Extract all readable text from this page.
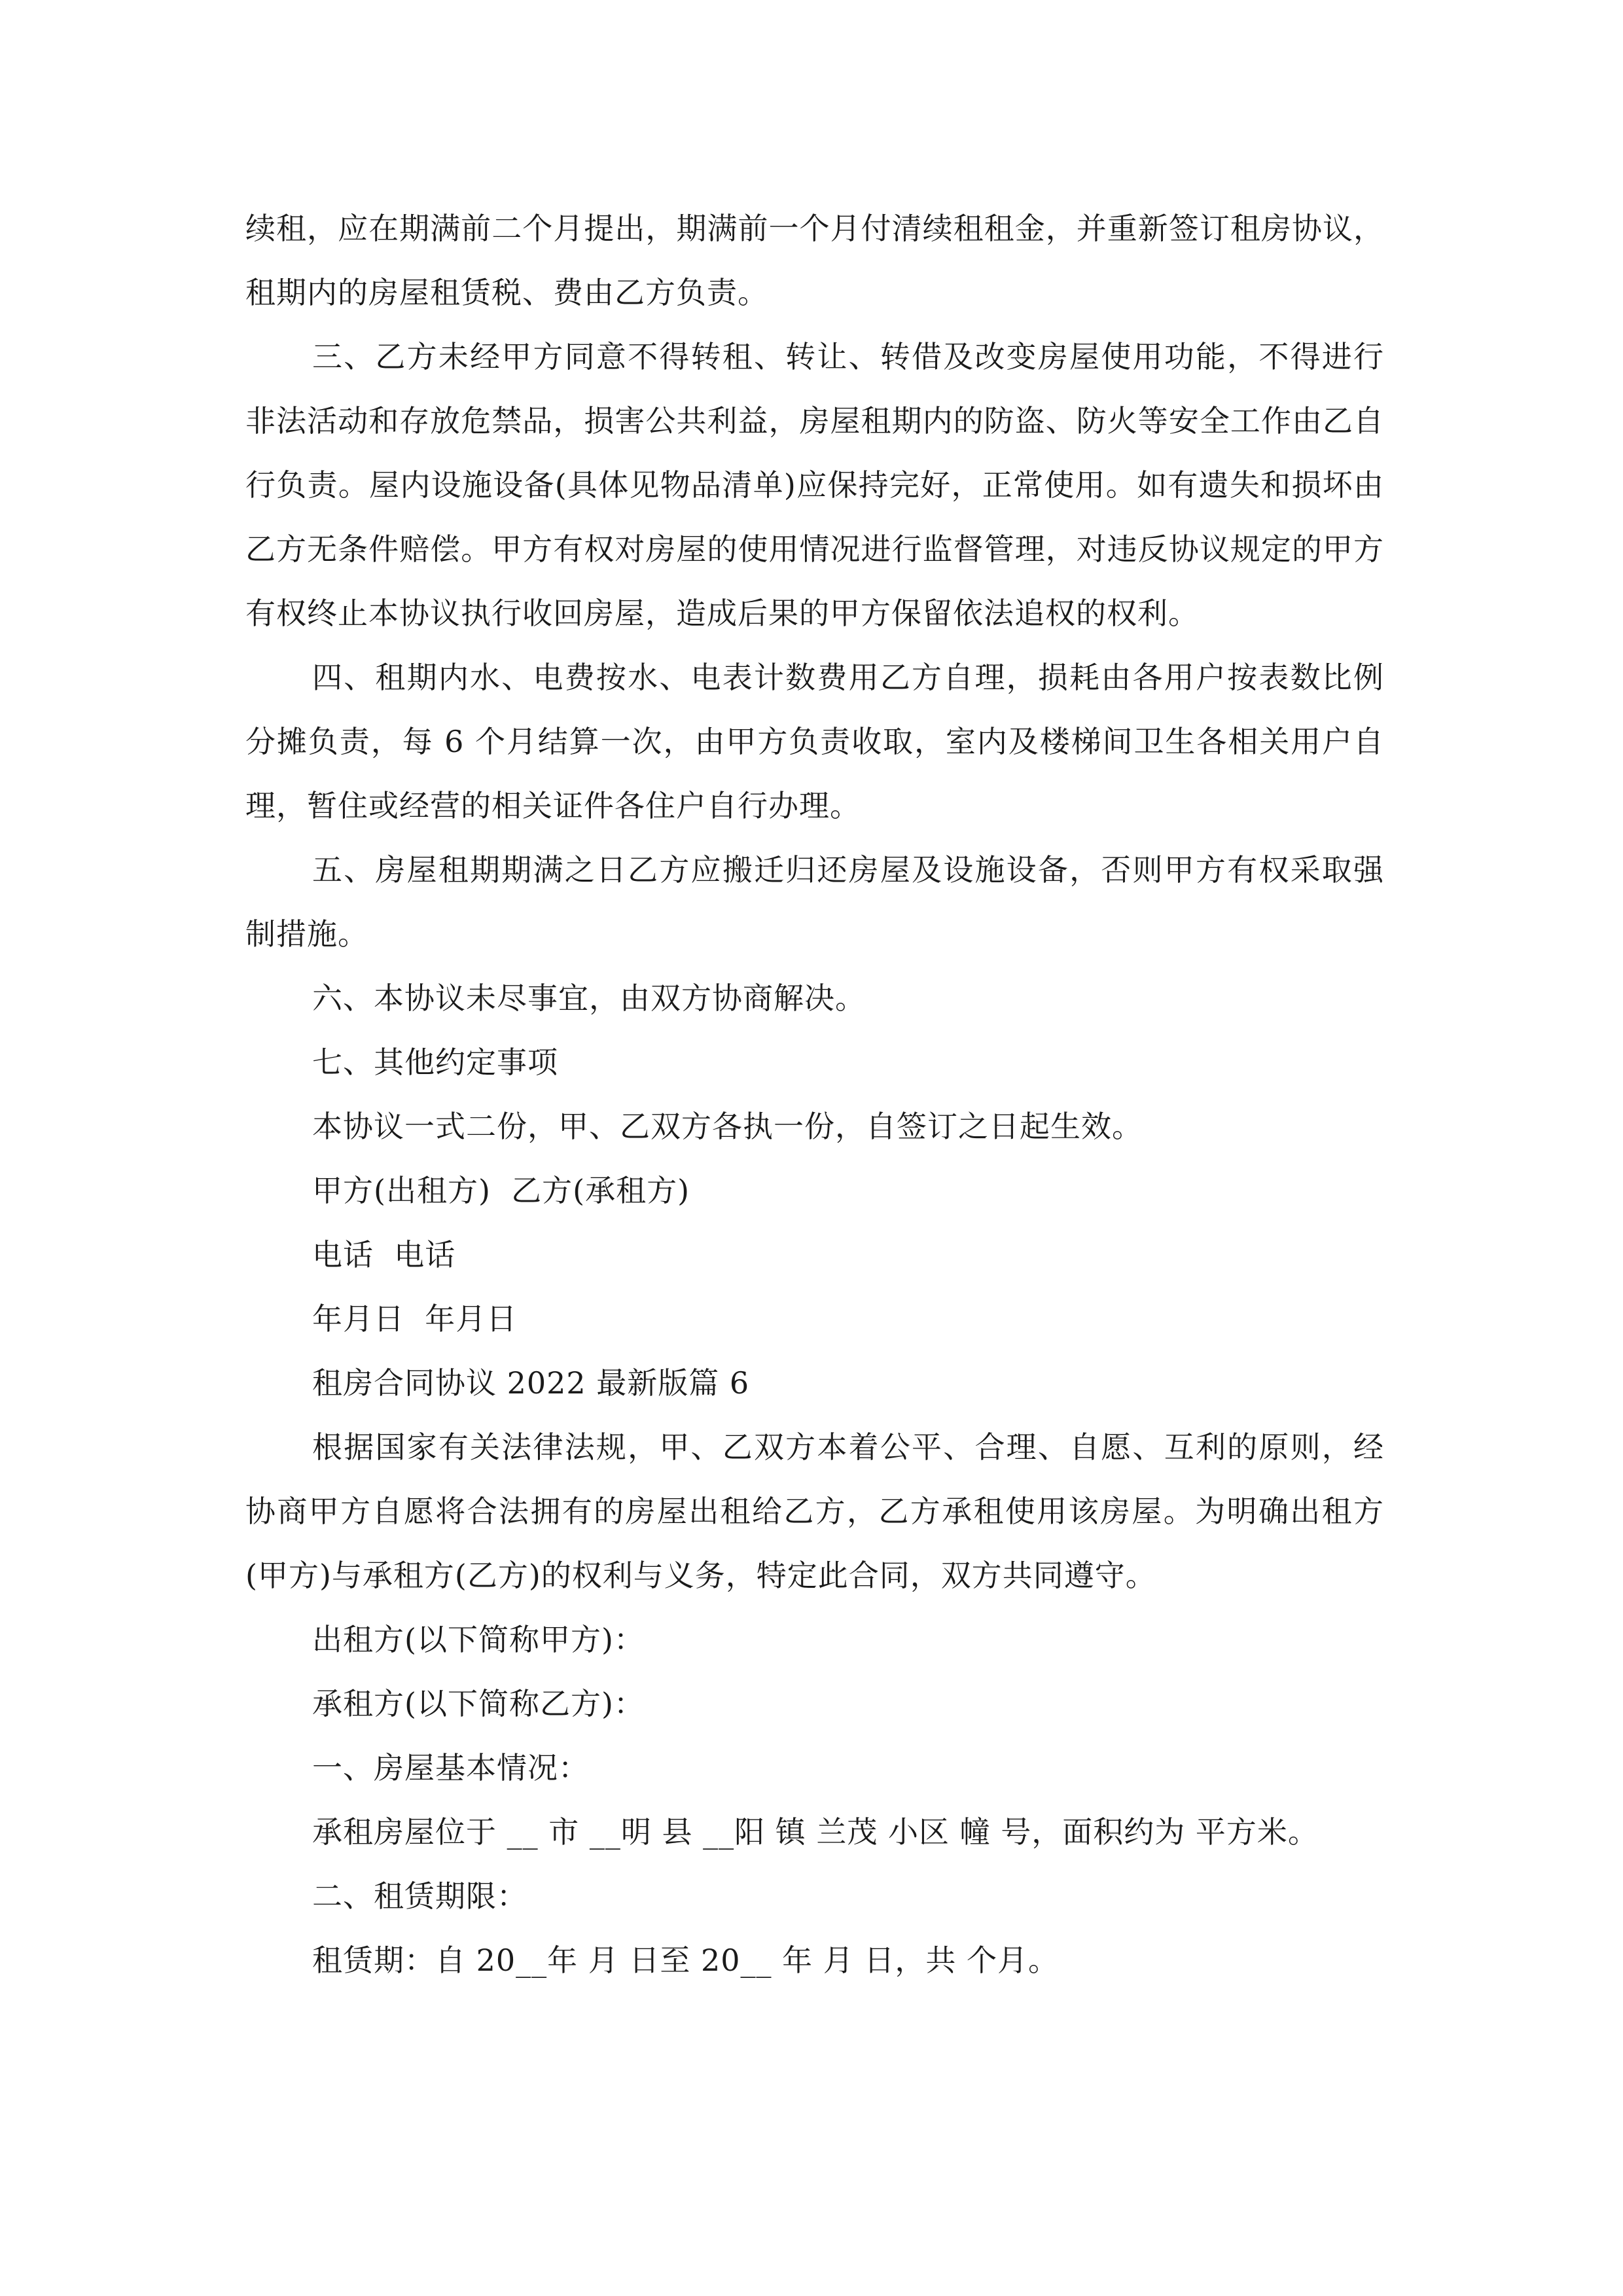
续租，应在期满前二个月提出，期满前一个月付清续租租金，并重新签订租房协议，租期内的房屋租赁税、费由乙方负责。

三、乙方未经甲方同意不得转租、转让、转借及改变房屋使用功能，不得进行非法活动和存放危禁品，损害公共利益，房屋租期内的防盗、防火等安全工作由乙自行负责。屋内设施设备(具体见物品清单)应保持完好，正常使用。如有遗失和损坏由乙方无条件赔偿。甲方有权对房屋的使用情况进行监督管理，对违反协议规定的甲方有权终止本协议执行收回房屋，造成后果的甲方保留依法追权的权利。

四、租期内水、电费按水、电表计数费用乙方自理，损耗由各用户按表数比例分摊负责，每 6 个月结算一次，由甲方负责收取，室内及楼梯间卫生各相关用户自理，暂住或经营的相关证件各住户自行办理。

五、房屋租期期满之日乙方应搬迁归还房屋及设施设备，否则甲方有权采取强制措施。

六、本协议未尽事宜，由双方协商解决。

七、其他约定事项

本协议一式二份，甲、乙双方各执一份，自签订之日起生效。

甲方(出租方)  乙方(承租方)

电话  电话

年月日  年月日

租房合同协议 2022 最新版篇 6

根据国家有关法律法规，甲、乙双方本着公平、合理、自愿、互利的原则，经协商甲方自愿将合法拥有的房屋出租给乙方，乙方承租使用该房屋。为明确出租方(甲方)与承租方(乙方)的权利与义务，特定此合同，双方共同遵守。

出租方(以下简称甲方)：

承租方(以下简称乙方)：

一、房屋基本情况：

承租房屋位于 __ 市 __明 县 __阳 镇 兰茂 小区 幢 号，面积约为 平方米。

二、租赁期限：

租赁期：自 20__年 月 日至 20__ 年 月 日，共 个月。
